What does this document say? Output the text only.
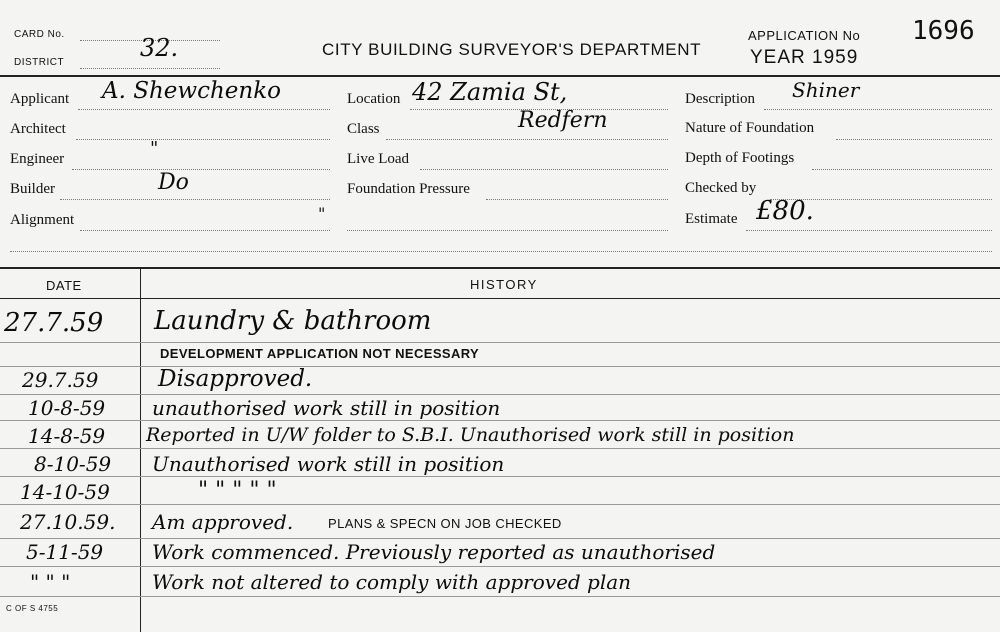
CARD No.
DISTRICT
32.	CITY BUILDING SURVEYOR'S DEPARTMENT
APPLICATION No 1696
YEAR 1959
Applicant A. Shewchenko
Architect
Engineer	"
Builder	Do
Alignment	"
Location 42 Zamia St,
Class	Redfern
Live Load
Foundation Pressure
Description Shiner
Nature of Foundation
Depth of Footings
Checked by
Estimate £80.
DATE	HISTORY
27.7.59 Laundry & bathroom
DEVELOPMENT APPLICATION NOT NECESSARY
29.7.59	Disapproved.
10-8-59 unauthorised work still in position
14-8-59 Reported in U/W folder to S.B.I. Unauthorised work still in position
8-10-59 Unauthorised work still in position
14-10-59	" " " " "
27.10.59. Am approved.	PLANS & SPECN ON JOB CHECKED
5-11-59 Work commenced. Previously reported as unauthorised
" " "	Work not altered to comply with approved plan
C OF S 4755
